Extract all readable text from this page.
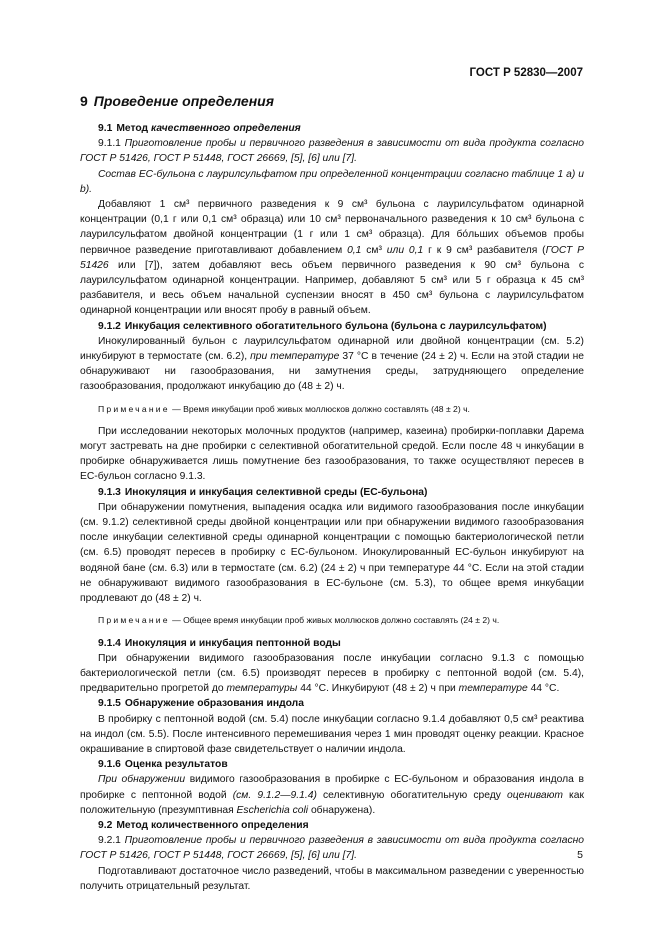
ГОСТ Р 52830—2007
9 Проведение определения

9.1 Метод качественного определения

9.1.1 Приготовление пробы и первичного разведения в зависимости от вида продукта согласно ГОСТ Р 51426, ГОСТ Р 51448, ГОСТ 26669, [5], [6] или [7].

Состав ЕС-бульона с лаурилсульфатом при определенной концентрации согласно таблице 1 а) и b).

Добавляют 1 см³ первичного разведения к 9 см³ бульона с лаурилсульфатом одинарной концентрации (0,1 г или 0,1 см³ образца) или 10 см³ первоначального разведения к 10 см³ бульона с лаурилсульфатом двойной концентрации (1 г или 1 см³ образца). Для бо́льших объемов пробы первичное разведение приготавливают добавлением 0,1 см³ или 0,1 г к 9 см³ разбавителя (ГОСТ Р 51426 или [7]), затем добавляют весь объем первичного разведения к 90 см³ бульона с лаурилсульфатом одинарной концентрации. Например, добавляют 5 см³ или 5 г образца к 45 см³ разбавителя, и весь объем начальной суспензии вносят в 450 см³ бульона с лаурилсульфатом одинарной концентрации или вносят пробу в равный объем.

9.1.2 Инкубация селективного обогатительного бульона (бульона с лаурилсульфатом)

Инокулированный бульон с лаурилсульфатом одинарной или двойной концентрации (см. 5.2) инкубируют в термостате (см. 6.2), при температуре 37 °С в течение (24 ± 2) ч. Если на этой стадии не обнаруживают ни газообразования, ни замутнения среды, затрудняющего определение газообразования, продолжают инкубацию до (48 ± 2) ч.

Примечание — Время инкубации проб живых моллюсков должно составлять (48 ± 2) ч.

При исследовании некоторых молочных продуктов (например, казеина) пробирки-поплавки Дарема могут застревать на дне пробирки с селективной обогатительной средой. Если после 48 ч инкубации в пробирке обнаруживается лишь помутнение без газообразования, то также осуществляют пересев в ЕС-бульон согласно 9.1.3.

9.1.3 Инокуляция и инкубация селективной среды (ЕС-бульона)

При обнаружении помутнения, выпадения осадка или видимого газообразования после инкубации (см. 9.1.2) селективной среды двойной концентрации или при обнаружении видимого газообразования после инкубации селективной среды одинарной концентрации с помощью бактериологической петли (см. 6.5) проводят пересев в пробирку с ЕС-бульоном. Инокулированный ЕС-бульон инкубируют на водяной бане (см. 6.3) или в термостате (см. 6.2) (24 ± 2) ч при температуре 44 °С. Если на этой стадии не обнаруживают видимого газообразования в ЕС-бульоне (см. 5.3), то общее время инкубации продлевают до (48 ± 2) ч.

Примечание — Общее время инкубации проб живых моллюсков должно составлять (24 ± 2) ч.

9.1.4 Инокуляция и инкубация пептонной воды

При обнаружении видимого газообразования после инкубации согласно 9.1.3 с помощью бактериологической петли (см. 6.5) производят пересев в пробирку с пептонной водой (см. 5.4), предварительно прогретой до температуры 44 °С. Инкубируют (48 ± 2) ч при температуре 44 °С.

9.1.5 Обнаружение образования индола

В пробирку с пептонной водой (см. 5.4) после инкубации согласно 9.1.4 добавляют 0,5 см³ реактива на индол (см. 5.5). После интенсивного перемешивания через 1 мин проводят оценку реакции. Красное окрашивание в спиртовой фазе свидетельствует о наличии индола.

9.1.6 Оценка результатов

При обнаружении видимого газообразования в пробирке с ЕС-бульоном и образования индола в пробирке с пептонной водой (см. 9.1.2—9.1.4) селективную обогатительную среду оценивают как положительную (презумптивная Escherichia coli обнаружена).

9.2 Метод количественного определения

9.2.1 Приготовление пробы и первичного разведения в зависимости от вида продукта согласно ГОСТ Р 51426, ГОСТ Р 51448, ГОСТ 26669, [5], [6] или [7].

Подготавливают достаточное число разведений, чтобы в максимальном разведении с уверенностью получить отрицательный результат.

5
